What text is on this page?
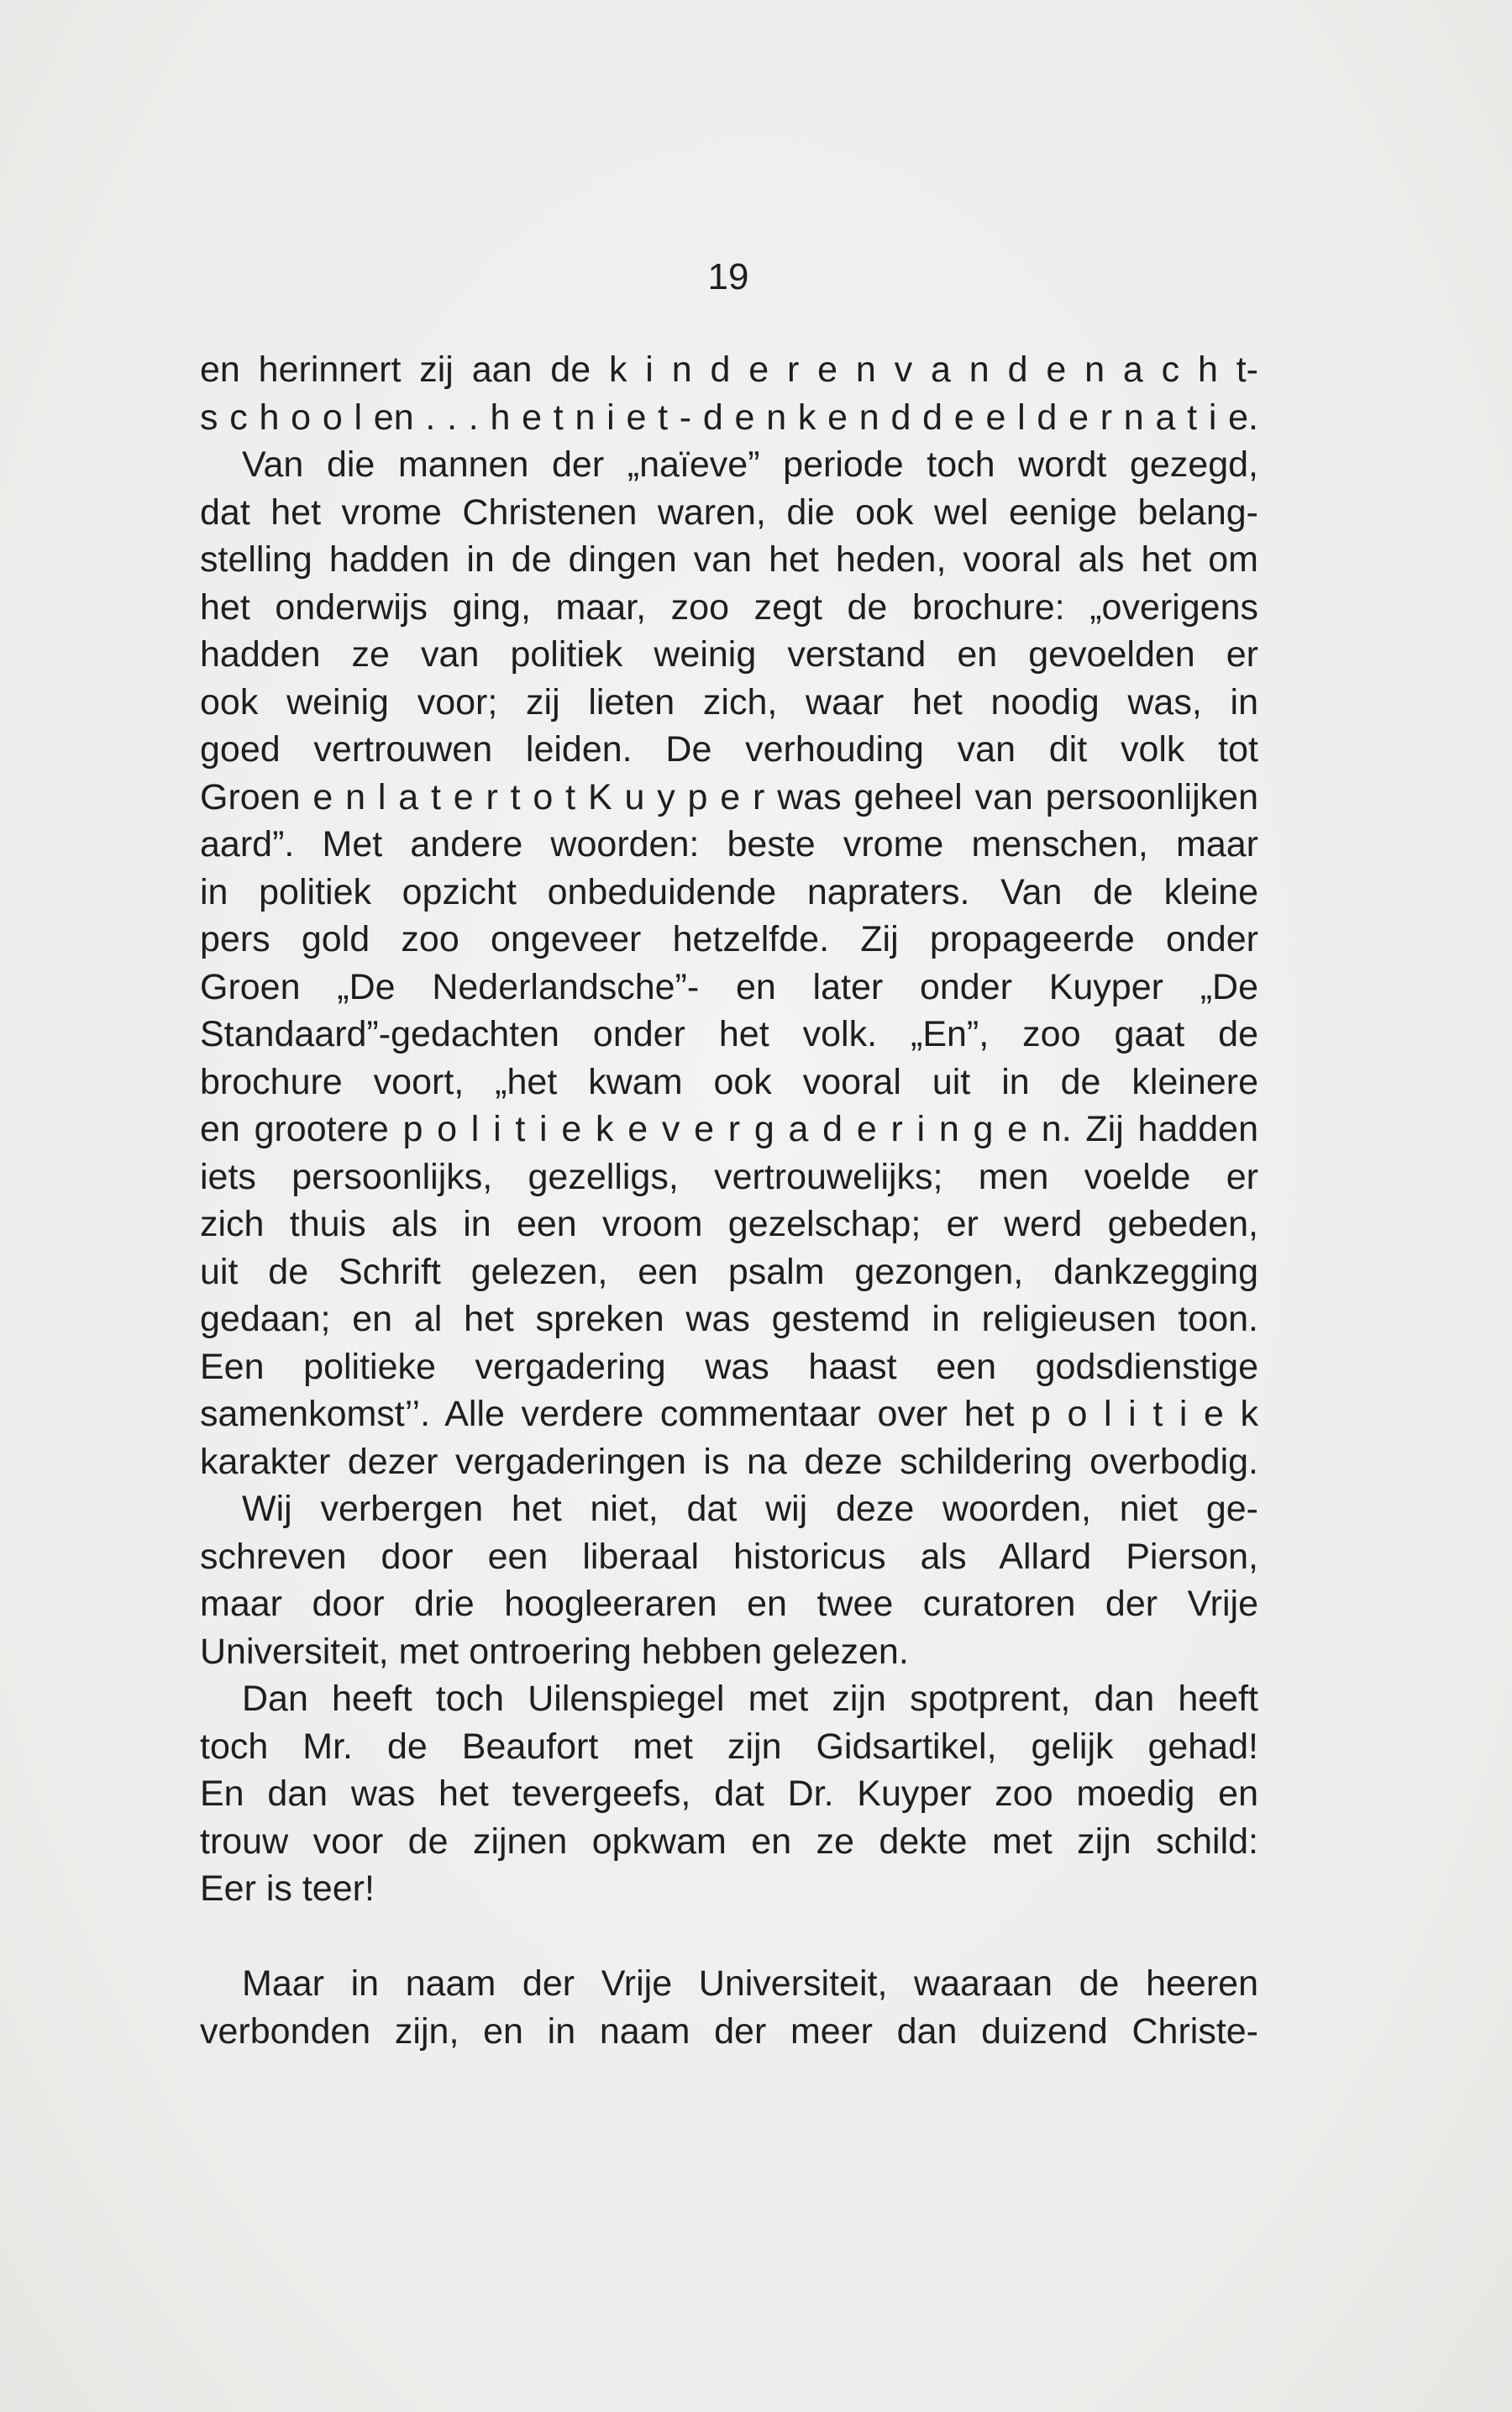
19
en herinnert zij aan de k i n d e r e n v a n d e n a c h t-
s c h o o l en . . . h e t n i e t - d e n k e n d d e e l d e r n a t i e.
Van die mannen der „naïeve” periode toch wordt gezegd,
dat het vrome Christenen waren, die ook wel eenige belang-
stelling hadden in de dingen van het heden, vooral als het om
het onderwijs ging, maar, zoo zegt de brochure: „overigens
hadden ze van politiek weinig verstand en gevoelden er
ook weinig voor; zij lieten zich, waar het noodig was, in
goed vertrouwen leiden. De verhouding van dit volk tot
Groen e n l a t e r t o t K u y p e r was geheel van persoonlijken
aard”. Met andere woorden: beste vrome menschen, maar
in politiek opzicht onbeduidende napraters. Van de kleine
pers gold zoo ongeveer hetzelfde. Zij propageerde onder
Groen „De Nederlandsche”- en later onder Kuyper „De
Standaard”-gedachten onder het volk. „En”, zoo gaat de
brochure voort, „het kwam ook vooral uit in de kleinere
en grootere p o l i t i e k e v e r g a d e r i n g e n. Zij hadden
iets persoonlijks, gezelligs, vertrouwelijks; men voelde er
zich thuis als in een vroom gezelschap; er werd gebeden,
uit de Schrift gelezen, een psalm gezongen, dankzegging
gedaan; en al het spreken was gestemd in religieusen toon.
Een politieke vergadering was haast een godsdienstige
samenkomst’’. Alle verdere commentaar over het p o l i t i e k
karakter dezer vergaderingen is na deze schildering overbodig.
Wij verbergen het niet, dat wij deze woorden, niet ge-
schreven door een liberaal historicus als Allard Pierson,
maar door drie hoogleeraren en twee curatoren der Vrije
Universiteit, met ontroering hebben gelezen.
Dan heeft toch Uilenspiegel met zijn spotprent, dan heeft
toch Mr. de Beaufort met zijn Gidsartikel, gelijk gehad!
En dan was het tevergeefs, dat Dr. Kuyper zoo moedig en
trouw voor de zijnen opkwam en ze dekte met zijn schild:
Eer is teer!
Maar in naam der Vrije Universiteit, waaraan de heeren
verbonden zijn, en in naam der meer dan duizend Christe-
